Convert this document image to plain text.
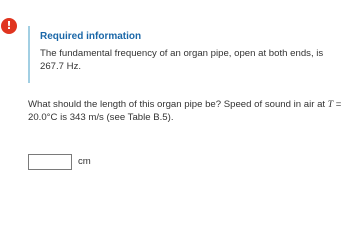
!
Required information
The fundamental frequency of an organ pipe, open at both ends, is 267.7 Hz.
What should the length of this organ pipe be? Speed of sound in air at T = 20.0°C is 343 m/s (see Table B.5).
cm
